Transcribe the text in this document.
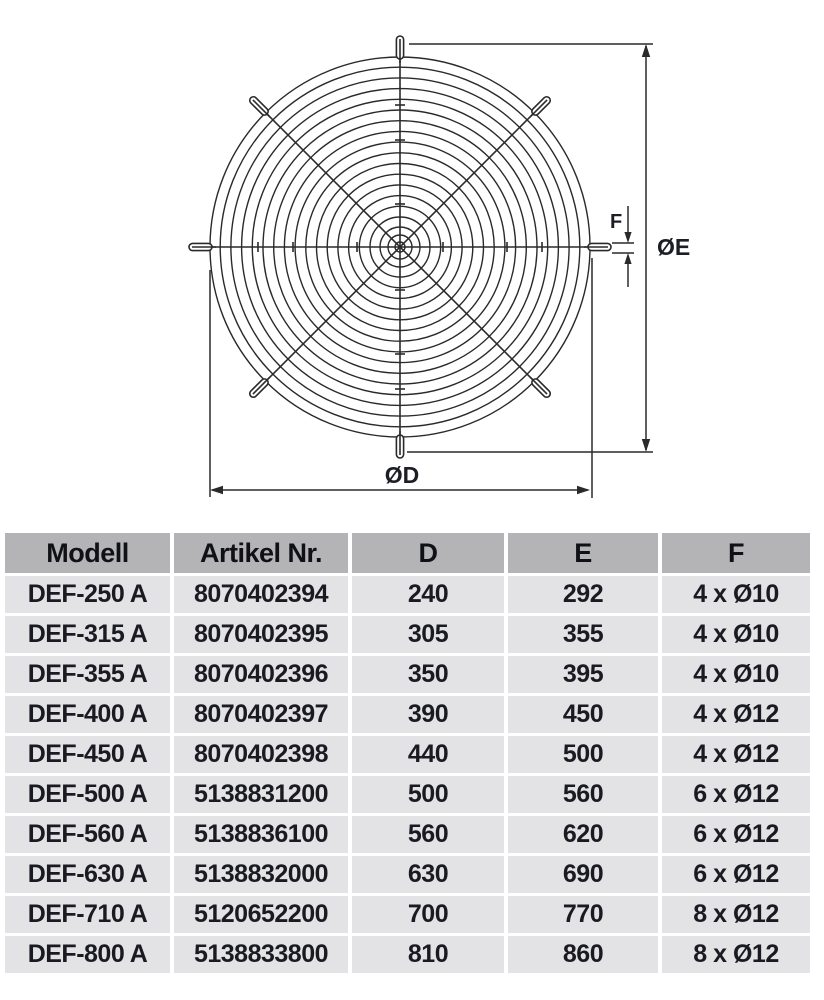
ØE
ØD
F
Modell	Artikel Nr.	D	E	F
DEF-250 A	8070402394	240	292	4 x Ø10
DEF-315 A	8070402395	305	355	4 x Ø10
DEF-355 A	8070402396	350	395	4 x Ø10
DEF-400 A	8070402397	390	450	4 x Ø12
DEF-450 A	8070402398	440	500	4 x Ø12
DEF-500 A	5138831200	500	560	6 x Ø12
DEF-560 A	5138836100	560	620	6 x Ø12
DEF-630 A	5138832000	630	690	6 x Ø12
DEF-710 A	5120652200	700	770	8 x Ø12
DEF-800 A	5138833800	810	860	8 x Ø12
